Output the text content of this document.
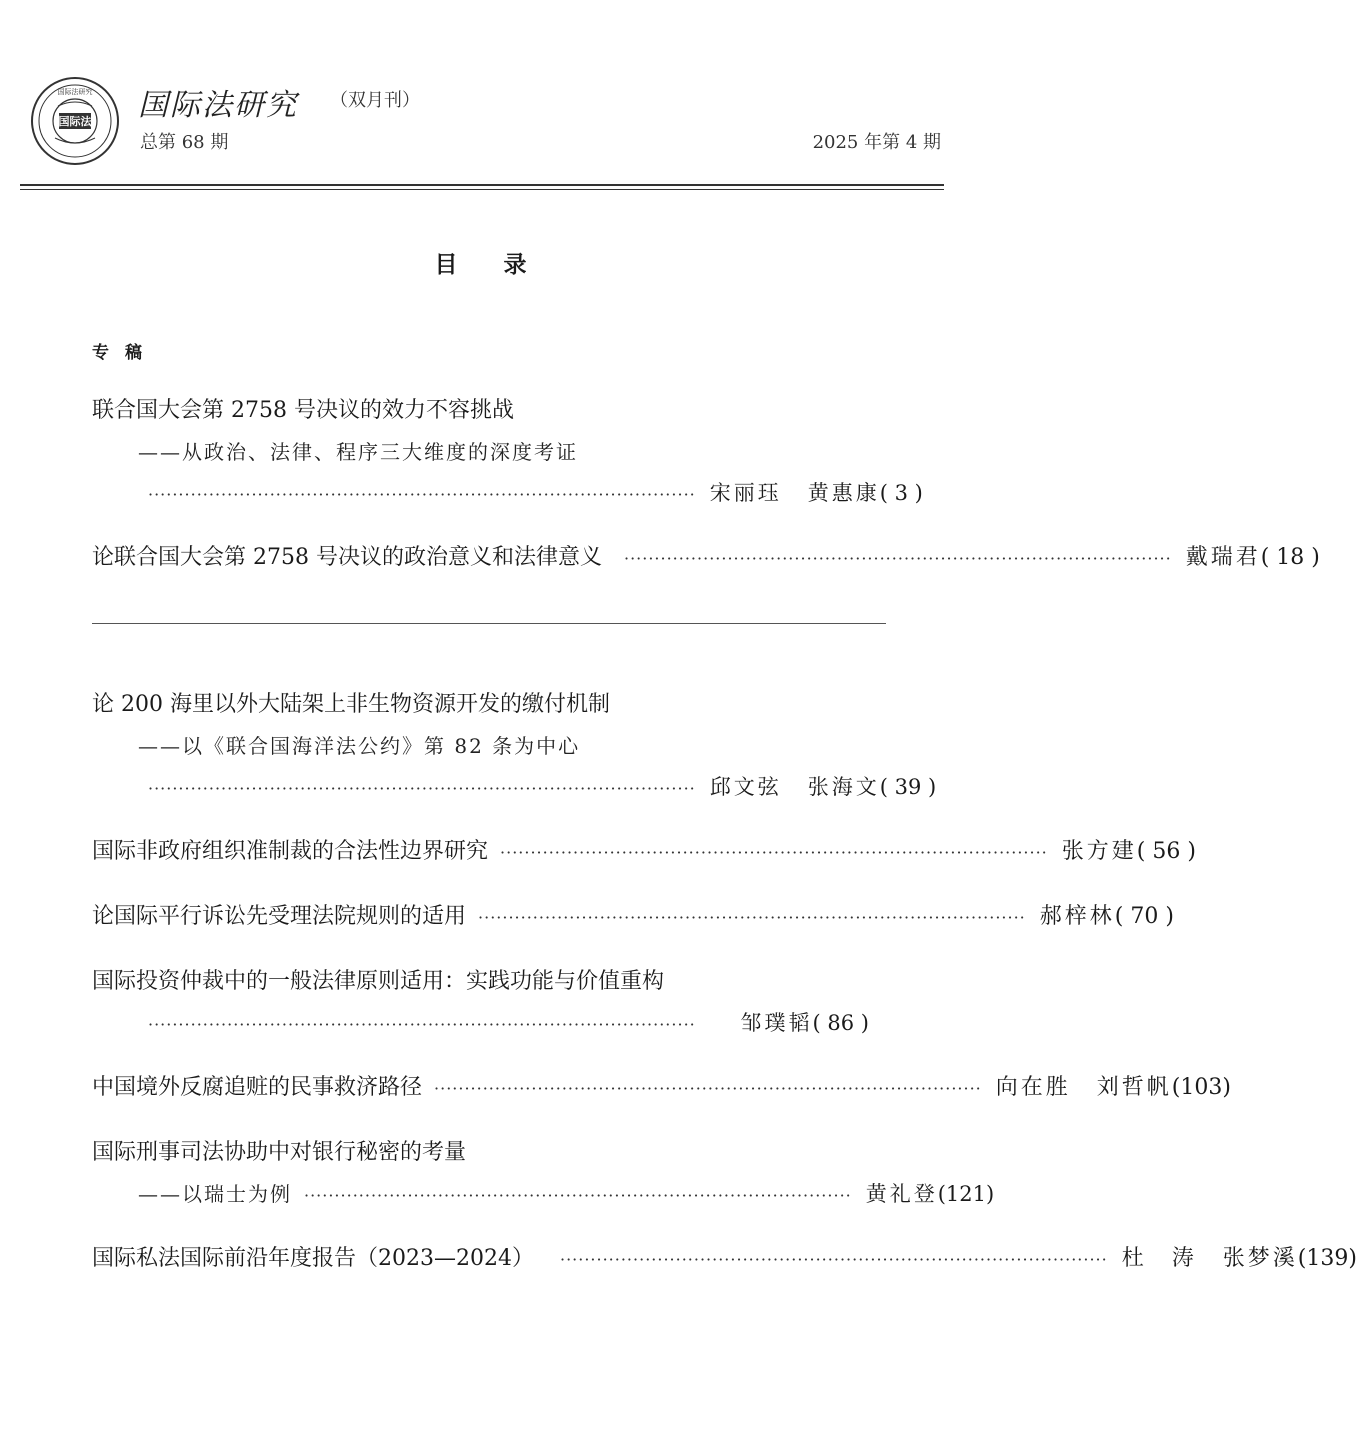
国际法
国际法研究 国际法研究 （双月刊）
总第 68 期	2025 年第 4 期
目录
专稿
联合国大会第 2758 号决议的效力不容挑战
——从政治、法律、程序三大维度的深度考证
·························································································· 宋丽珏 黄惠康 ( 3 )
论联合国大会第 2758 号决议的政治意义和法律意义 ·························································································· 戴瑞君 ( 18 )
论 200 海里以外大陆架上非生物资源开发的缴付机制
——以《联合国海洋法公约》第 82 条为中心
·························································································· 邱文弦 张海文 ( 39 )
国际非政府组织准制裁的合法性边界研究 ·························································································· 张方建 ( 56 )
论国际平行诉讼先受理法院规则的适用 ·························································································· 郝梓林 ( 70 )
国际投资仲裁中的一般法律原则适用：实践功能与价值重构
··························································································	邹璞韬 ( 86 )
中国境外反腐追赃的民事救济路径 ·························································································· 向在胜 刘哲帆 (103)
国际刑事司法协助中对银行秘密的考量
——以瑞士为例 ·························································································· 黄礼登 (121)
国际私法国际前沿年度报告（2023—2024） ·························································································· 杜　涛 张梦溪 (139)
